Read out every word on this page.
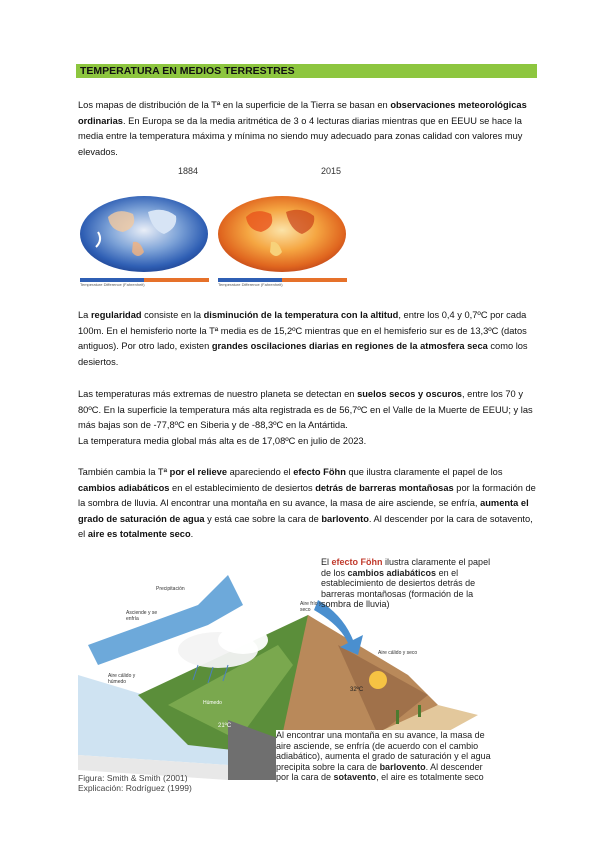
TEMPERATURA EN MEDIOS TERRESTRES
Los mapas de distribución de la Tª en la superficie de la Tierra se basan en observaciones meteorológicas ordinarias. En Europa se da la media aritmética de 3 o 4 lecturas diarias mientras que en EEUU se hace la media entre la temperatura máxima y mínima no siendo muy adecuado para zonas calidad con valores muy elevados.
1884
Temperature Difference (Fahrenheit)
2015
Temperature Difference (Fahrenheit)
La regularidad consiste en la disminución de la temperatura con la altitud, entre los 0,4 y 0,7ºC por cada 100m. En el hemisferio norte la Tª media es de 15,2ºC mientras que en el hemisferio sur es de 13,3ºC (datos antiguos). Por otro lado, existen grandes oscilaciones diarias en regiones de la atmosfera seca como los desiertos.
Las temperaturas más extremas de nuestro planeta se detectan en suelos secos y oscuros, entre los 70 y 80ºC. En la superficie la temperatura más alta registrada es de 56,7ºC en el Valle de la Muerte de EEUU; y las más bajas son de -77,8ºC en Siberia y de -88,3ºC en la Antártida.
La temperatura media global más alta es de 17,08ºC en julio de 2023.
También cambia la Tª por el relieve apareciendo el efecto Föhn que ilustra claramente el papel de los cambios adiabáticos en el establecimiento de desiertos detrás de barreras montañosas por la formación de la sombra de lluvia. Al encontrar una montaña en su avance, la masa de aire asciende, se enfría, aumenta el grado de saturación de agua y está cae sobre la cara de barlovento. Al descender por la cara de sotavento, el aire es totalmente seco.
El efecto Föhn ilustra claramente el papel de los cambios adiabáticos en el establecimiento de desiertos detrás de barreras montañosas (formación de la sombra de lluvia)
Al encontrar una montaña en su avance, la masa de aire asciende, se enfría (de acuerdo con el cambio adiabático), aumenta el grado de saturación y el agua precipita sobre la cara de barlovento. Al descender por la cara de sotavento, el aire es totalmente seco
Precipitación
Asciende y se enfría
Aire cálido y húmedo
Aire frío y seco
Aire cálido y seco
21ºC
32ºC
Húmedo
Figura: Smith & Smith (2001)
Explicación: Rodríguez (1999)
